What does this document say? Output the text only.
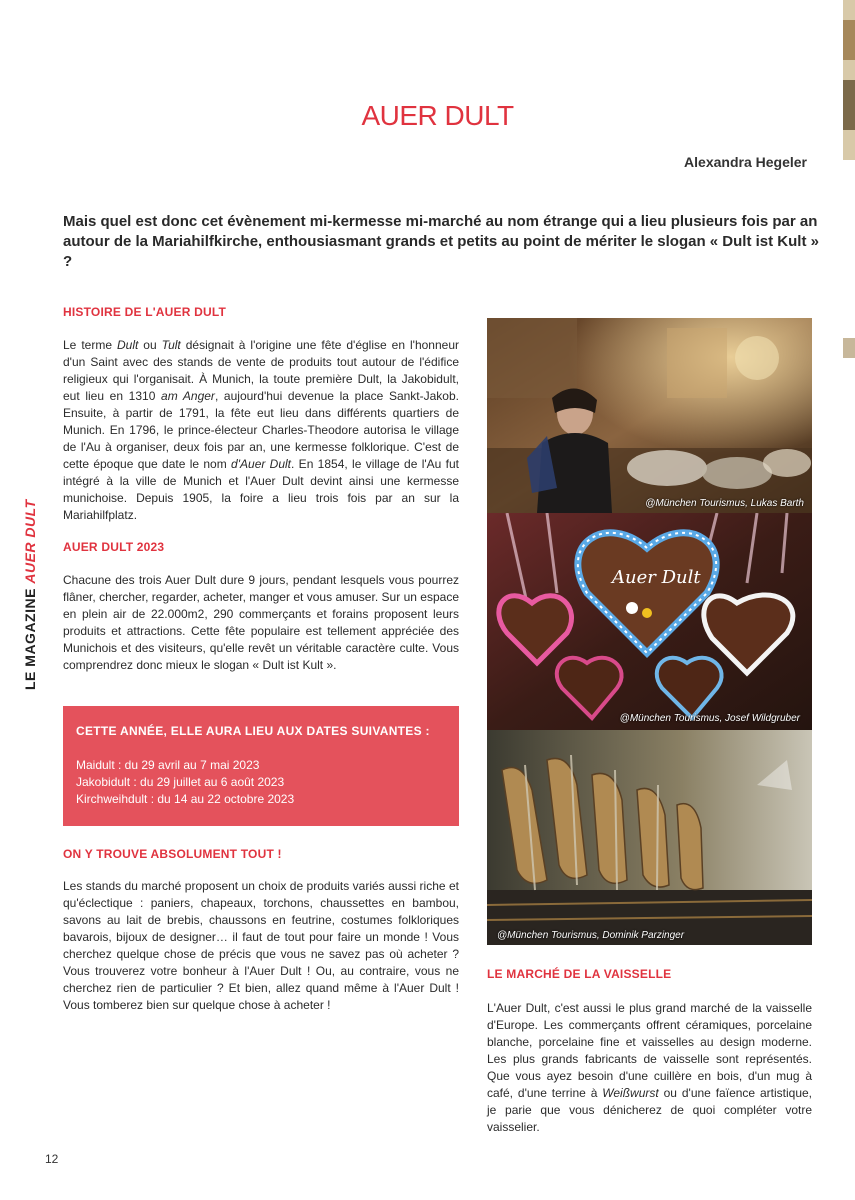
AUER DULT
Alexandra Hegeler
Mais quel est donc cet évènement mi-kermesse mi-marché au nom étrange qui a lieu plusieurs fois par an autour de la Mariahilfkirche, enthousiasmant grands et petits au point de mériter le slogan « Dult ist Kult » ?
LE MAGAZINE AUER DULT
HISTOIRE DE L'AUER DULT
Le terme Dult ou Tult désignait à l'origine une fête d'église en l'honneur d'un Saint avec des stands de vente de produits tout autour de l'édifice religieux qui l'organisait. À Munich, la toute première Dult, la Jakobidult, eut lieu en 1310 am Anger, aujourd'hui devenue la place Sankt-Jakob. Ensuite, à partir de 1791, la fête eut lieu dans différents quartiers de Munich. En 1796, le prince-électeur Charles-Theodore autorisa le village de l'Au à organiser, deux fois par an, une kermesse folklorique. C'est de cette époque que date le nom d'Auer Dult. En 1854, le village de l'Au fut intégré à la ville de Munich et l'Auer Dult devint ainsi une kermesse munichoise. Depuis 1905, la foire a lieu trois fois par an sur la Mariahilfplatz.
AUER DULT 2023
Chacune des trois Auer Dult dure 9 jours, pendant lesquels vous pourrez flâner, chercher, regarder, acheter, manger et vous amuser. Sur un espace en plein air de 22.000m2, 290 commerçants et forains proposent leurs produits et attractions. Cette fête populaire est tellement appréciée des Munichois et des visiteurs, qu'elle revêt un véritable caractère culte. Vous comprendrez donc mieux le slogan « Dult ist Kult ».
CETTE ANNÉE, ELLE AURA LIEU AUX DATES SUIVANTES :
Maidult : du 29 avril au 7 mai 2023
Jakobidult : du 29 juillet au 6 août 2023
Kirchweihdult : du 14 au 22 octobre 2023
ON Y TROUVE ABSOLUMENT TOUT !
Les stands du marché proposent un choix de produits variés aussi riche et qu'éclectique : paniers, chapeaux, torchons, chaussettes en bambou, savons au lait de brebis, chaussons en feutrine, costumes folkloriques bavarois, bijoux de designer… il faut de tout pour faire un monde ! Vous cherchez quelque chose de précis que vous ne savez pas où acheter ? Vous trouverez votre bonheur à l'Auer Dult ! Ou, au contraire, vous ne cherchez rien de particulier ? Et bien, allez quand même à l'Auer Dult ! Vous tomberez bien sur quelque chose à acheter !
@München Tourismus, Lukas Barth
Auer Dult
@München Tourismus, Josef Wildgruber
@München Tourismus, Dominik Parzinger
LE MARCHÉ DE LA VAISSELLE
L'Auer Dult, c'est aussi le plus grand marché de la vaisselle d'Europe. Les commerçants offrent céramiques, porcelaine blanche, porcelaine fine et vaisselles au design moderne. Les plus grands fabricants de vaisselle sont représentés. Que vous ayez besoin d'une cuillère en bois, d'un mug à café, d'une terrine à Weißwurst ou d'une faïence artistique, je parie que vous dénicherez de quoi compléter votre vaisselier.
12
